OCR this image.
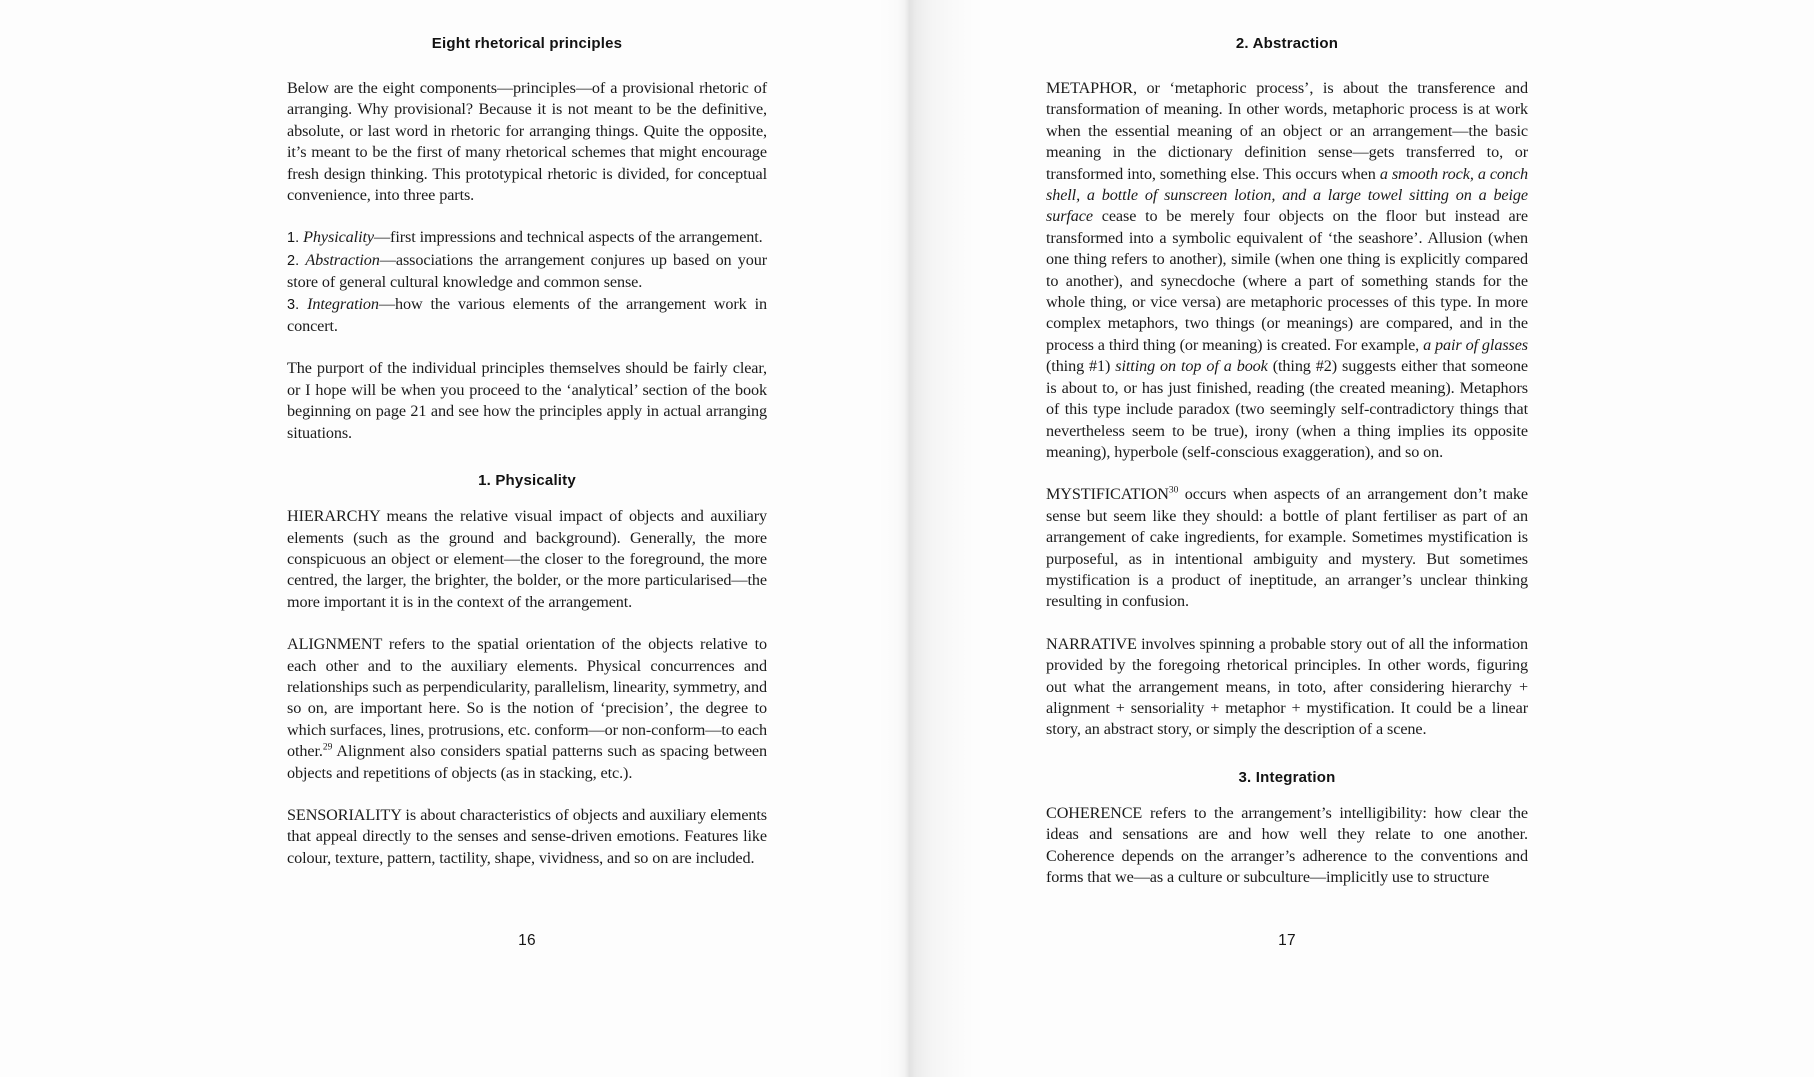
Eight rhetorical principles

Below are the eight components—principles—of a provisional rhetoric of arranging. Why provisional? Because it is not meant to be the definitive, absolute, or last word in rhetoric for arranging things. Quite the opposite, it’s meant to be the first of many rhetorical schemes that might encourage fresh design thinking. This prototypical rhetoric is divided, for conceptual convenience, into three parts.

1. Physicality—first impressions and technical aspects of the arrangement.

2. Abstraction—associations the arrangement conjures up based on your store of general cultural knowledge and common sense.

3. Integration—how the various elements of the arrangement work in concert.

The purport of the individual principles themselves should be fairly clear, or I hope will be when you proceed to the ‘analytical’ section of the book beginning on page 21 and see how the principles apply in actual arranging situations.

1. Physicality

HIERARCHY means the relative visual impact of objects and auxiliary elements (such as the ground and background). Generally, the more conspicuous an object or element—the closer to the foreground, the more centred, the larger, the brighter, the bolder, or the more particularised—the more important it is in the context of the arrangement.

ALIGNMENT refers to the spatial orientation of the objects relative to each other and to the auxiliary elements. Physical concurrences and relationships such as perpendicularity, parallelism, linearity, symmetry, and so on, are important here. So is the notion of ‘precision’, the degree to which surfaces, lines, protrusions, etc. conform—or non-conform—to each other.$^{29}$ Alignment also considers spatial patterns such as spacing between objects and repetitions of objects (as in stacking, etc.).

SENSORIALITY is about characteristics of objects and auxiliary elements that appeal directly to the senses and sense-driven emotions. Features like colour, texture, pattern, tactility, shape, vividness, and so on are included.

16
2. Abstraction

METAPHOR, or ‘metaphoric process’, is about the transference and transformation of meaning. In other words, metaphoric process is at work when the essential meaning of an object or an arrangement—the basic meaning in the dictionary definition sense—gets transferred to, or transformed into, something else. This occurs when a smooth rock, a conch shell, a bottle of sunscreen lotion, and a large towel sitting on a beige surface cease to be merely four objects on the floor but instead are transformed into a symbolic equivalent of ‘the seashore’. Allusion (when one thing refers to another), simile (when one thing is explicitly compared to another), and synecdoche (where a part of something stands for the whole thing, or vice versa) are metaphoric processes of this type. In more complex metaphors, two things (or meanings) are compared, and in the process a third thing (or meaning) is created. For example, a pair of glasses (thing #1) sitting on top of a book (thing #2) suggests either that someone is about to, or has just finished, reading (the created meaning). Metaphors of this type include paradox (two seemingly self-contradictory things that nevertheless seem to be true), irony (when a thing implies its opposite meaning), hyperbole (self-conscious exaggeration), and so on.

MYSTIFICATION$^{30}$ occurs when aspects of an arrangement don’t make sense but seem like they should: a bottle of plant fertiliser as part of an arrangement of cake ingredients, for example. Sometimes mystification is purposeful, as in intentional ambiguity and mystery. But sometimes mystification is a product of ineptitude, an arranger’s unclear thinking resulting in confusion.

NARRATIVE involves spinning a probable story out of all the information provided by the foregoing rhetorical principles. In other words, figuring out what the arrangement means, in toto, after considering hierarchy + alignment + sensoriality + metaphor + mystification. It could be a linear story, an abstract story, or simply the description of a scene.

3. Integration

COHERENCE refers to the arrangement’s intelligibility: how clear the ideas and sensations are and how well they relate to one another. Coherence depends on the arranger’s adherence to the conventions and forms that we—as a culture or subculture—implicitly use to structure

17
